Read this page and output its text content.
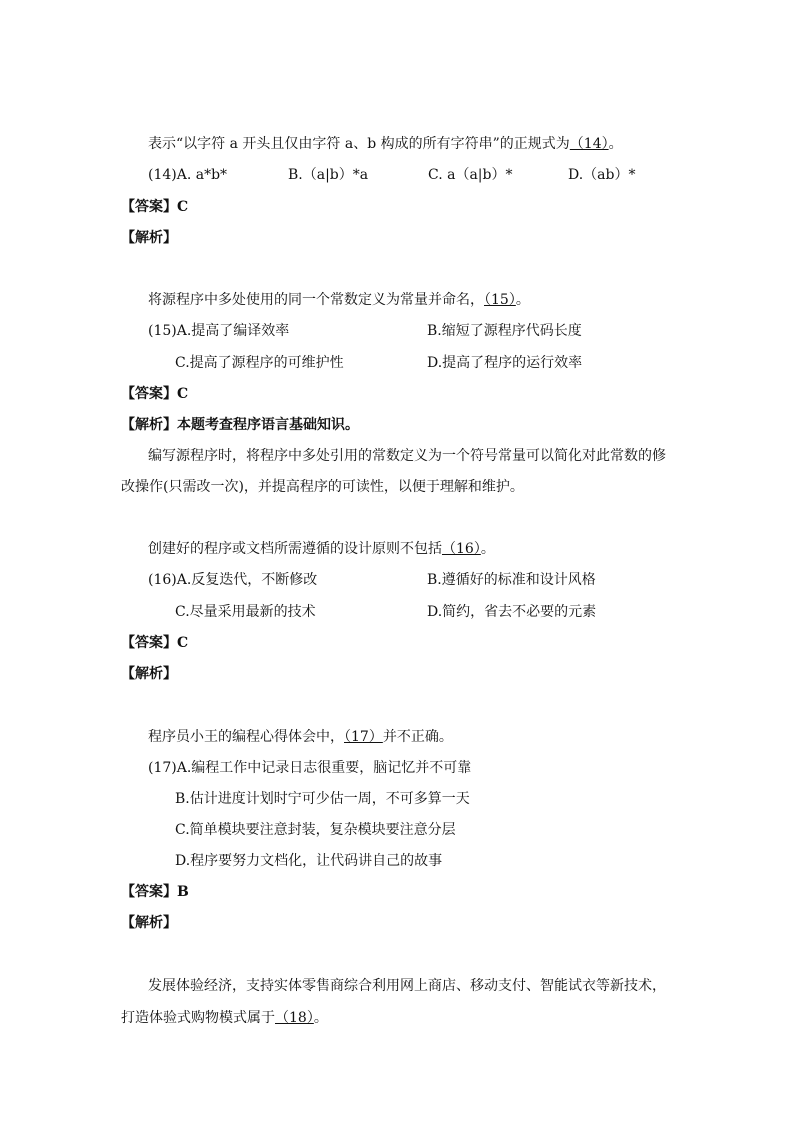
表示“以字符 a 开头且仅由字符 a、b 构成的所有字符串”的正规式为（14）。
(14)A. a*b*	B.（a|b）*a	C. a（a|b）*	D.（ab）*
【答案】C
【解析】
将源程序中多处使用的同一个常数定义为常量并命名，（15）。
(15)A.提高了编译效率	B.缩短了源程序代码长度
C.提高了源程序的可维护性	D.提高了程序的运行效率
【答案】C
【解析】本题考查程序语言基础知识。
编写源程序时，将程序中多处引用的常数定义为一个符号常量可以简化对此常数的修
改操作(只需改一次)，并提高程序的可读性，以便于理解和维护。
创建好的程序或文档所需遵循的设计原则不包括（16）。
(16)A.反复迭代，不断修改	B.遵循好的标准和设计风格
C.尽量采用最新的技术	D.简约，省去不必要的元素
【答案】C
【解析】
程序员小王的编程心得体会中，（17）并不正确。
(17)A.编程工作中记录日志很重要，脑记忆并不可靠
B.估计进度计划时宁可少估一周，不可多算一天
C.简单模块要注意封装，复杂模块要注意分层
D.程序要努力文档化，让代码讲自己的故事
【答案】B
【解析】
发展体验经济，支持实体零售商综合利用网上商店、移动支付、智能试衣等新技术，
打造体验式购物模式属于（18）。
